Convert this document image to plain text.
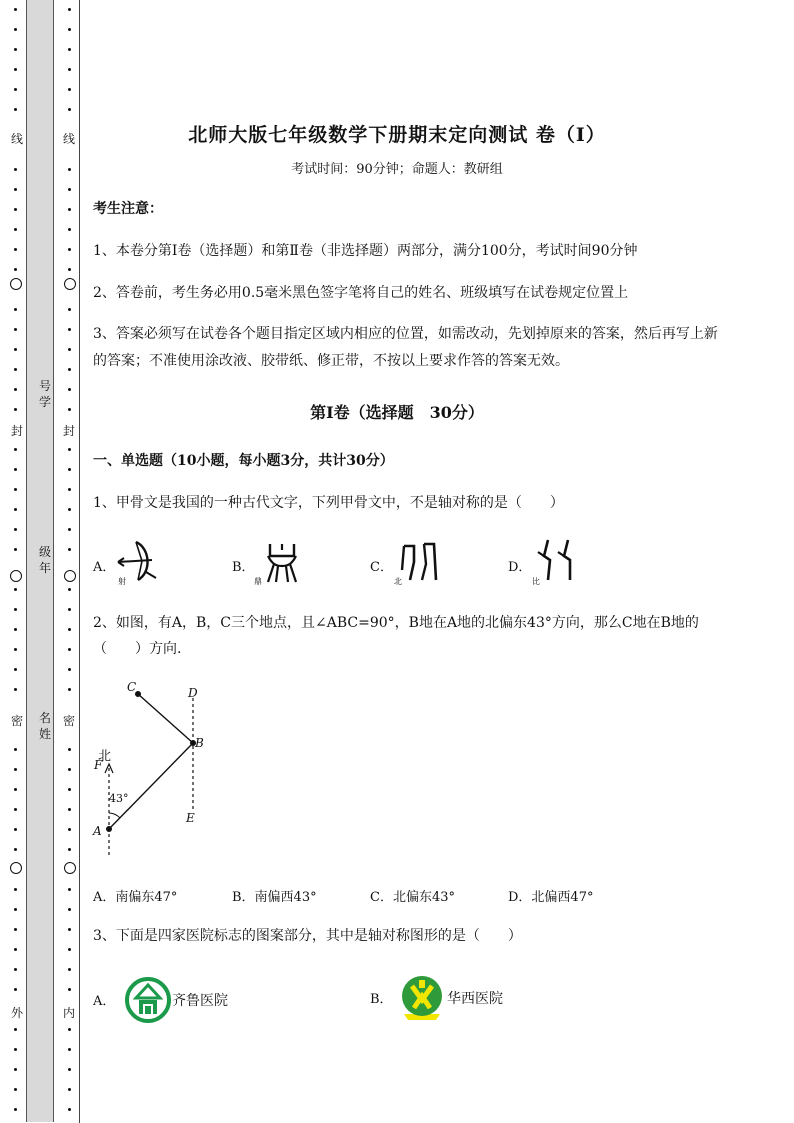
线
封
密
外
线
封
密
内
号
学
级
年
名
姓
北师大版七年级数学下册期末定向测试 卷（Ⅰ）
考试时间：90分钟；命题人：教研组
考生注意：
1、本卷分第Ⅰ卷（选择题）和第Ⅱ卷（非选择题）两部分，满分100分，考试时间90分钟
2、答卷前，考生务必用0.5毫米黑色签字笔将自己的姓名、班级填写在试卷规定位置上
3、答案必须写在试卷各个题目指定区域内相应的位置，如需改动，先划掉原来的答案，然后再写上新
的答案；不准使用涂改液、胶带纸、修正带，不按以上要求作答的答案无效。
第Ⅰ卷（选择题　30分）
一、单选题（10小题，每小题3分，共计30分）
1、甲骨文是我国的一种古代文字，下列甲骨文中，不是轴对称的是（　　）
A．
射
B．
鼎
C．
北
D．
比
2、如图，有A，B，C三个地点，且∠ABC=90°，B地在A地的北偏东43°方向，那么C地在B地的
（　　）方向.
C	D
B
北
F
43°
E
A
A．南偏东47°	B．南偏西43°	C．北偏东43°	D．北偏西47°
3、下面是四家医院标志的图案部分，其中是轴对称图形的是（　　）
A．	齐鲁医院	B．	华西医院
